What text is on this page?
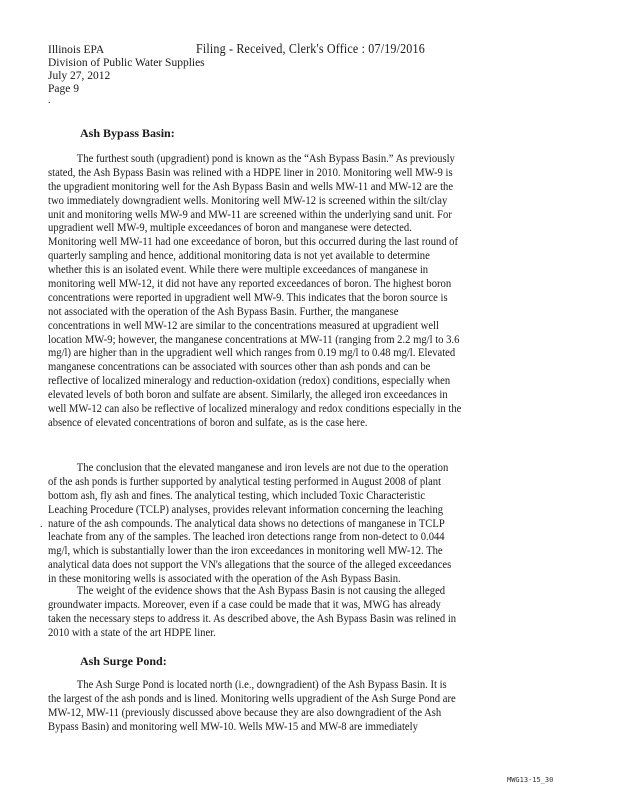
Illinois EPA
Division of Public Water Supplies
July 27, 2012
Page 9
Filing - Received, Clerk's Office : 07/19/2016
.
Ash Bypass Basin:
The furthest south (upgradient) pond is known as the “Ash Bypass Basin.” As previously
stated, the Ash Bypass Basin was relined with a HDPE liner in 2010. Monitoring well MW-9 is
the upgradient monitoring well for the Ash Bypass Basin and wells MW-11 and MW-12 are the
two immediately downgradient wells. Monitoring well MW-12 is screened within the silt/clay
unit and monitoring wells MW-9 and MW-11 are screened within the underlying sand unit. For
upgradient well MW-9, multiple exceedances of boron and manganese were detected.
Monitoring well MW-11 had one exceedance of boron, but this occurred during the last round of
quarterly sampling and hence, additional monitoring data is not yet available to determine
whether this is an isolated event. While there were multiple exceedances of manganese in
monitoring well MW-12, it did not have any reported exceedances of boron. The highest boron
concentrations were reported in upgradient well MW-9. This indicates that the boron source is
not associated with the operation of the Ash Bypass Basin. Further, the manganese
concentrations in well MW-12 are similar to the concentrations measured at upgradient well
location MW-9; however, the manganese concentrations at MW-11 (ranging from 2.2 mg/l to 3.6
mg/l) are higher than in the upgradient well which ranges from 0.19 mg/l to 0.48 mg/l. Elevated
manganese concentrations can be associated with sources other than ash ponds and can be
reflective of localized mineralogy and reduction-oxidation (redox) conditions, especially when
elevated levels of both boron and sulfate are absent. Similarly, the alleged iron exceedances in
well MW-12 can also be reflective of localized mineralogy and redox conditions especially in the
absence of elevated concentrations of boron and sulfate, as is the case here.
The conclusion that the elevated manganese and iron levels are not due to the operation
of the ash ponds is further supported by analytical testing performed in August 2008 of plant
bottom ash, fly ash and fines. The analytical testing, which included Toxic Characteristic
Leaching Procedure (TCLP) analyses, provides relevant information concerning the leaching
nature of the ash compounds. The analytical data shows no detections of manganese in TCLP
leachate from any of the samples. The leached iron detections range from non-detect to 0.044
mg/l, which is substantially lower than the iron exceedances in monitoring well MW-12. The
analytical data does not support the VN's allegations that the source of the alleged exceedances
in these monitoring wells is associated with the operation of the Ash Bypass Basin.
.
The weight of the evidence shows that the Ash Bypass Basin is not causing the alleged
groundwater impacts. Moreover, even if a case could be made that it was, MWG has already
taken the necessary steps to address it. As described above, the Ash Bypass Basin was relined in
2010 with a state of the art HDPE liner.
Ash Surge Pond:
The Ash Surge Pond is located north (i.e., downgradient) of the Ash Bypass Basin. It is
the largest of the ash ponds and is lined. Monitoring wells upgradient of the Ash Surge Pond are
MW-12, MW-11 (previously discussed above because they are also downgradient of the Ash
Bypass Basin) and monitoring well MW-10. Wells MW-15 and MW-8 are immediately
MWG13-15_30
